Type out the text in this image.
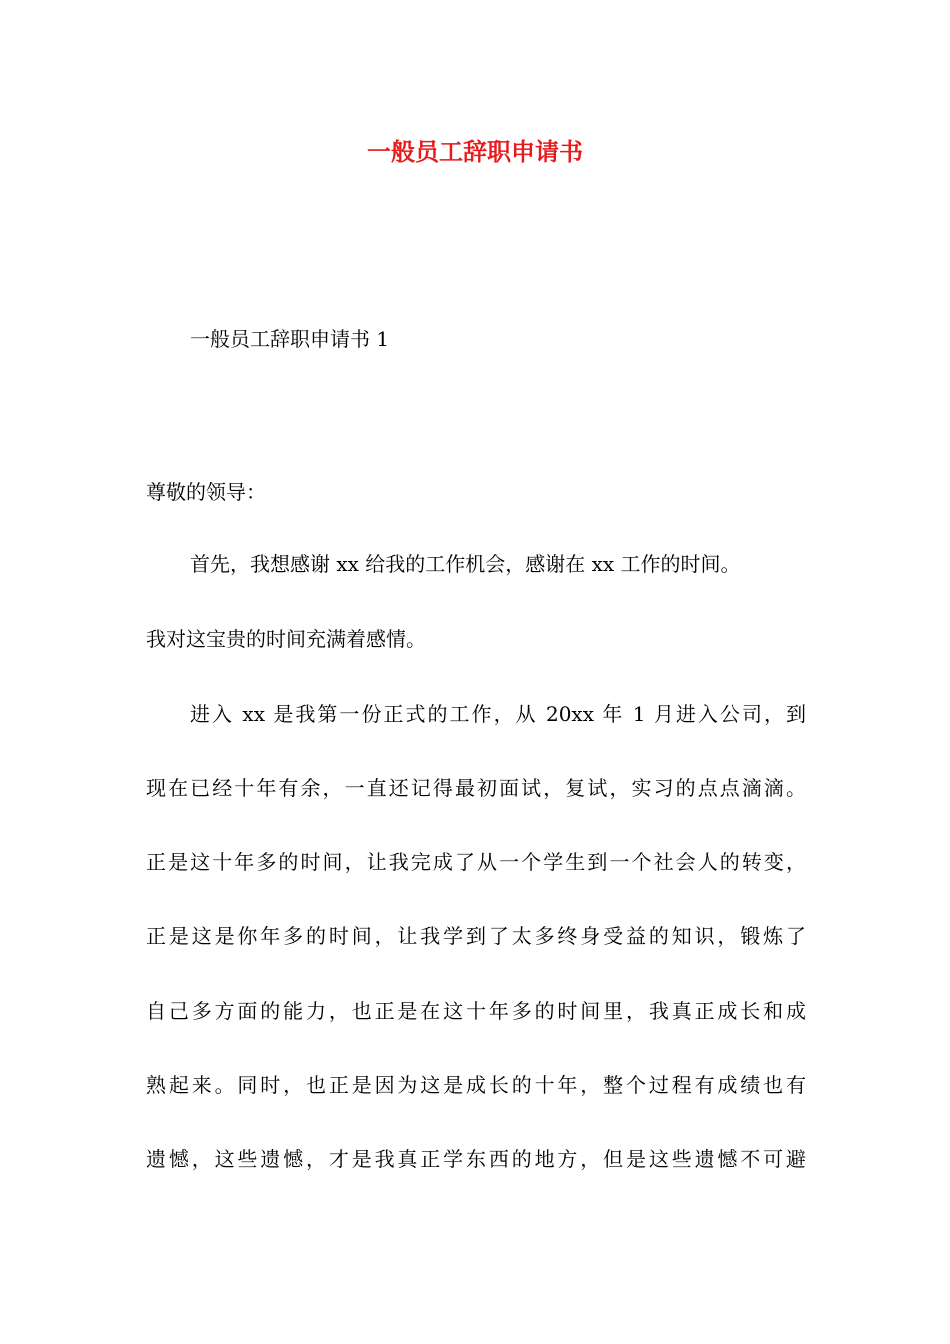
一般员工辞职申请书
一般员工辞职申请书 1
尊敬的领导：
首先，我想感谢 xx 给我的工作机会，感谢在 xx 工作的时间。
我对这宝贵的时间充满着感情。
进入 xx 是我第一份正式的工作，从 20xx 年 1 月进入公司，到
现在已经十年有余，一直还记得最初面试，复试，实习的点点滴滴。
正是这十年多的时间，让我完成了从一个学生到一个社会人的转变，
正是这是你年多的时间，让我学到了太多终身受益的知识，锻炼了
自己多方面的能力，也正是在这十年多的时间里，我真正成长和成
熟起来。同时，也正是因为这是成长的十年，整个过程有成绩也有
遗憾，这些遗憾，才是我真正学东西的地方，但是这些遗憾不可避
